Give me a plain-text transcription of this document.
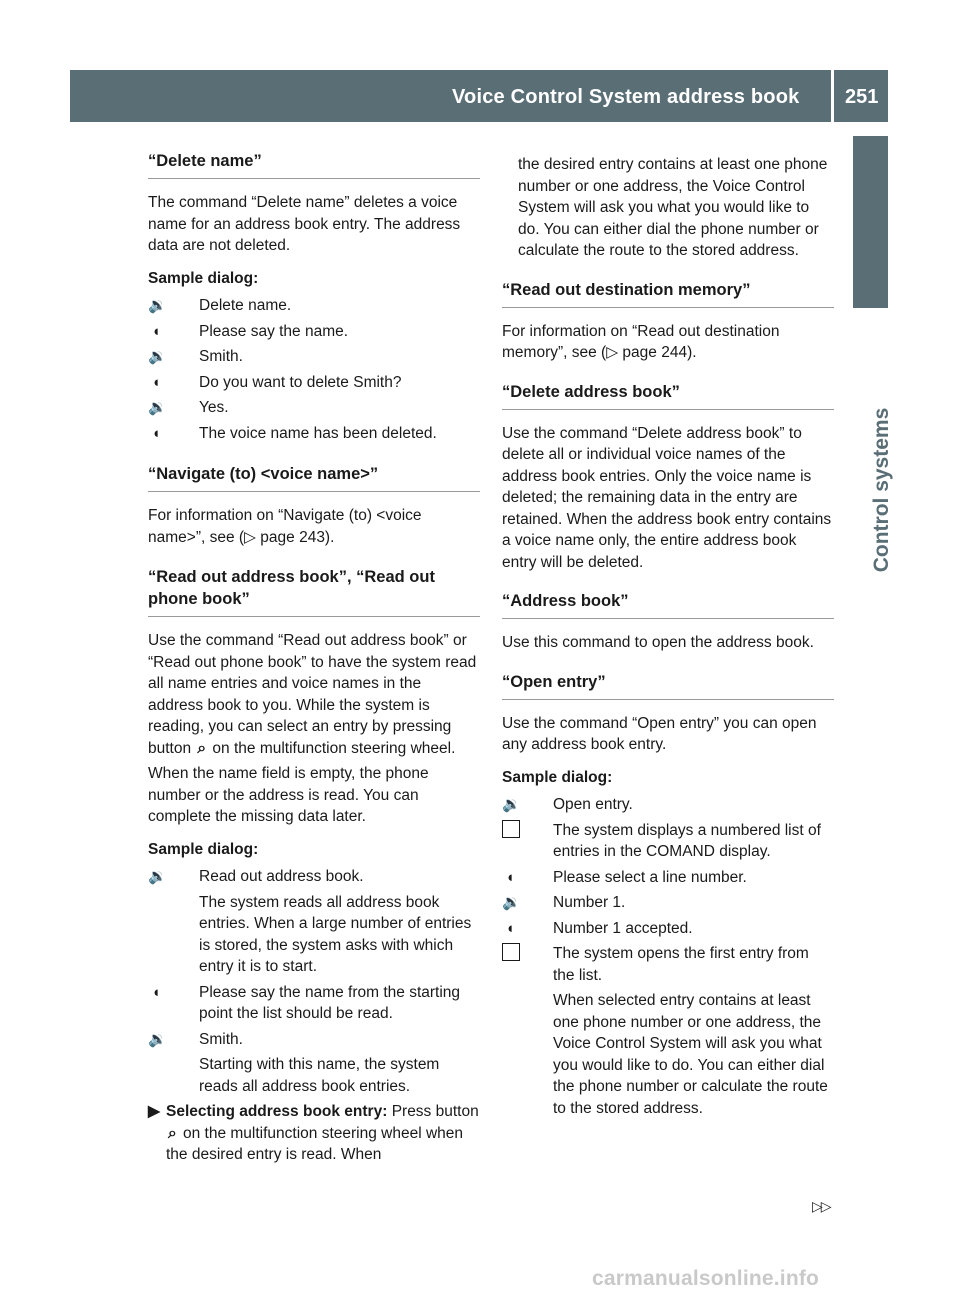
Voice Control System address book 251
Control systems
“Delete name”
The command “Delete name” deletes a voice name for an address book entry. The address data are not deleted.
Sample dialog:
🔉	Delete name.
◖	Please say the name.
🔉	Smith.
◖	Do you want to delete Smith?
🔉	Yes.
◖	The voice name has been deleted.
“Navigate (to) <voice name>”
For information on “Navigate (to) <voice name>”, see (▷ page 243).
“Read out address book”, “Read out phone book”
Use the command “Read out address book” or “Read out phone book” to have the system read all name entries and voice names in the address book to you. While the system is reading, you can select an entry by pressing button ⌕ on the multifunction steering wheel.
When the name field is empty, the phone number or the address is read. You can complete the missing data later.
Sample dialog:
🔉	Read out address book.
The system reads all address book entries. When a large number of entries is stored, the system asks with which entry it is to start.
◖	Please say the name from the starting point the list should be read.
🔉	Smith.
Starting with this name, the system reads all address book entries.
▶ Selecting address book entry: Press button ⌕ on the multifunction steering wheel when the desired entry is read. When
the desired entry contains at least one phone number or one address, the Voice Control System will ask you what you would like to do. You can either dial the phone number or calculate the route to the stored address.
“Read out destination memory”
For information on “Read out destination memory”, see (▷ page 244).
“Delete address book”
Use the command “Delete address book” to delete all or individual voice names of the address book entries. Only the voice name is deleted; the remaining data in the entry are retained. When the address book entry contains a voice name only, the entire address book entry will be deleted.
“Address book”
Use this command to open the address book.
“Open entry”
Use the command “Open entry” you can open any address book entry.
Sample dialog:
🔉	Open entry.
The system displays a numbered list of entries in the COMAND display.
◖	Please select a line number.
🔉	Number 1.
◖	Number 1 accepted.
The system opens the first entry from the list.
When selected entry contains at least one phone number or one address, the Voice Control System will ask you what you would like to do. You can either dial the phone number or calculate the route to the stored address.
▷▷
carmanualsonline.info
